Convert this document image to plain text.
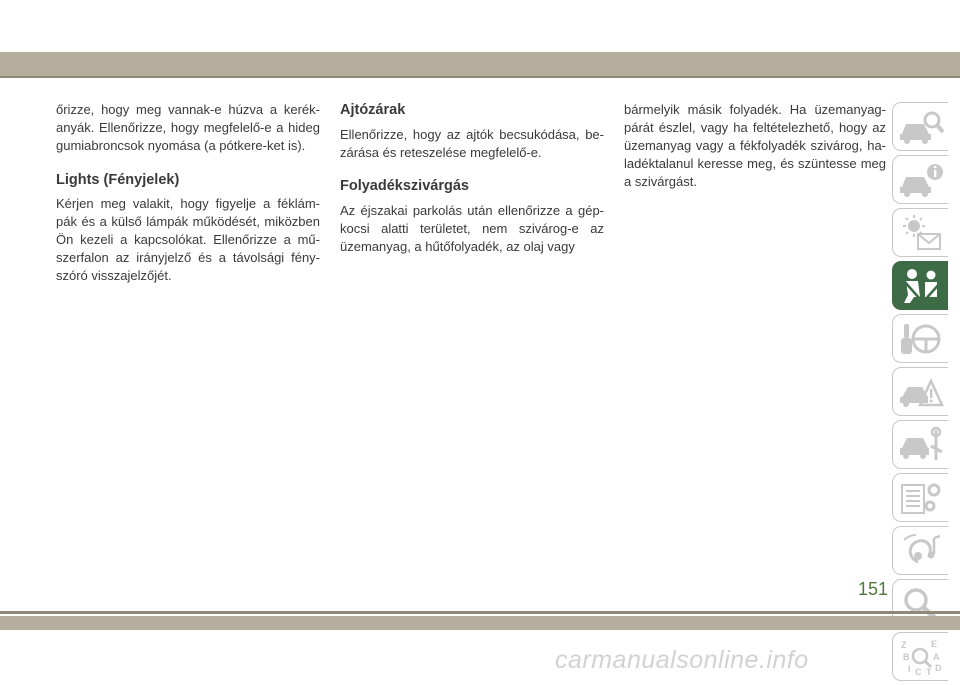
őrizze, hogy meg vannak-e húzva a kerék-anyák. Ellenőrizze, hogy megfelelő-e a hideg gumiabroncsok nyomása (a pótkere-ket is).

Lights (Fényjelek)

Kérjen meg valakit, hogy figyelje a féklám-pák és a külső lámpák működését, miközben Ön kezeli a kapcsolókat. Ellenőrizze a mű-szerfalon az irányjelző és a távolsági fény-szóró visszajelzőjét.

Ajtózárak

Ellenőrizze, hogy az ajtók becsukódása, be-zárása és reteszelése megfelelő-e.

Folyadékszivárgás

Az éjszakai parkolás után ellenőrizze a gép-kocsi alatti területet, nem szivárog-e az üzemanyag, a hűtőfolyadék, az olaj vagy

bármelyik másik folyadék. Ha üzemanyag-párát észlel, vagy ha feltételezhető, hogy az üzemanyag vagy a fékfolyadék szivárog, ha-ladéktalanul keresse meg, és szüntesse meg a szivárgást.

Z	E
B	A
I C T D
151
carmanualsonline.info
